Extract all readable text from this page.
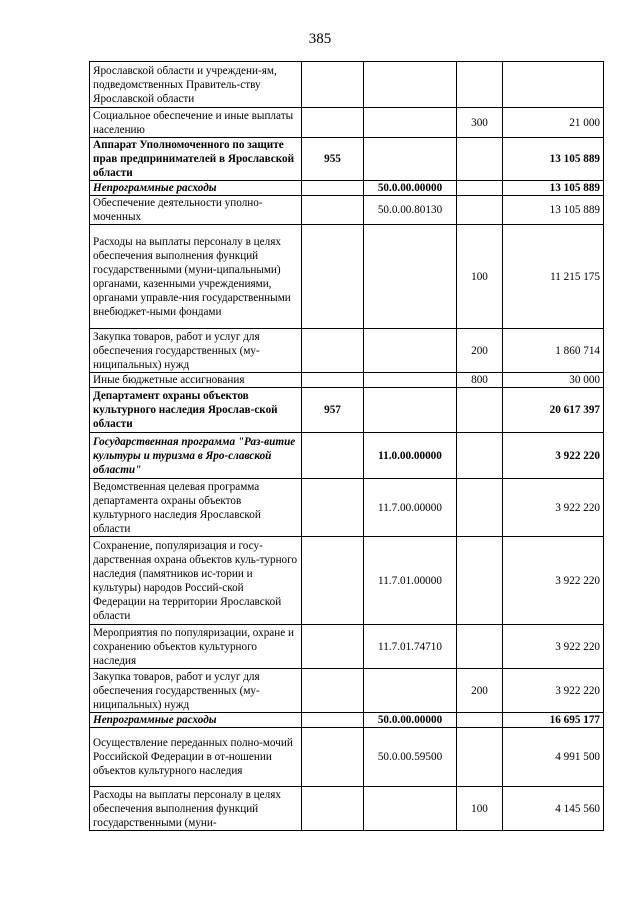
385
Ярославской области и учреждени-ям, подведомственных Правитель-ству Ярославской области				
Социальное обеспечение и иные выплаты населению			300	21 000
Аппарат Уполномоченного по защите прав предпринимателей в Ярославской области	955			13 105 889
Непрограммные расходы		50.0.00.00000		13 105 889
Обеспечение деятельности уполно-моченных		50.0.00.80130		13 105 889
Расходы на выплаты персоналу в целях обеспечения выполнения функций государственными (муни-ципальными) органами, казенными учреждениями, органами управле-ния государственными внебюджет-ными фондами			100	11 215 175
Закупка товаров, работ и услуг для обеспечения государственных (му-ниципальных) нужд			200	1 860 714
Иные бюджетные ассигнования			800	30 000
Департамент охраны объектов культурного наследия Ярослав-ской области	957			20 617 397
Государственная программа "Раз-витие культуры и туризма в Яро-славской области"		11.0.00.00000		3 922 220
Ведомственная целевая программа департамента охраны объектов культурного наследия Ярославской области		11.7.00.00000		3 922 220
Сохранение, популяризация и госу-дарственная охрана объектов куль-турного наследия (памятников ис-тории и культуры) народов Россий-ской Федерации на территории Ярославской области		11.7.01.00000		3 922 220
Мероприятия по популяризации, охране и сохранению объектов культурного наследия		11.7.01.74710		3 922 220
Закупка товаров, работ и услуг для обеспечения государственных (му-ниципальных) нужд			200	3 922 220
Непрограммные расходы		50.0.00.00000		16 695 177
Осуществление переданных полно-мочий Российской Федерации в от-ношении объектов культурного наследия		50.0.00.59500		4 991 500
Расходы на выплаты персоналу в целях обеспечения выполнения функций государственными (муни-			100	4 145 560
